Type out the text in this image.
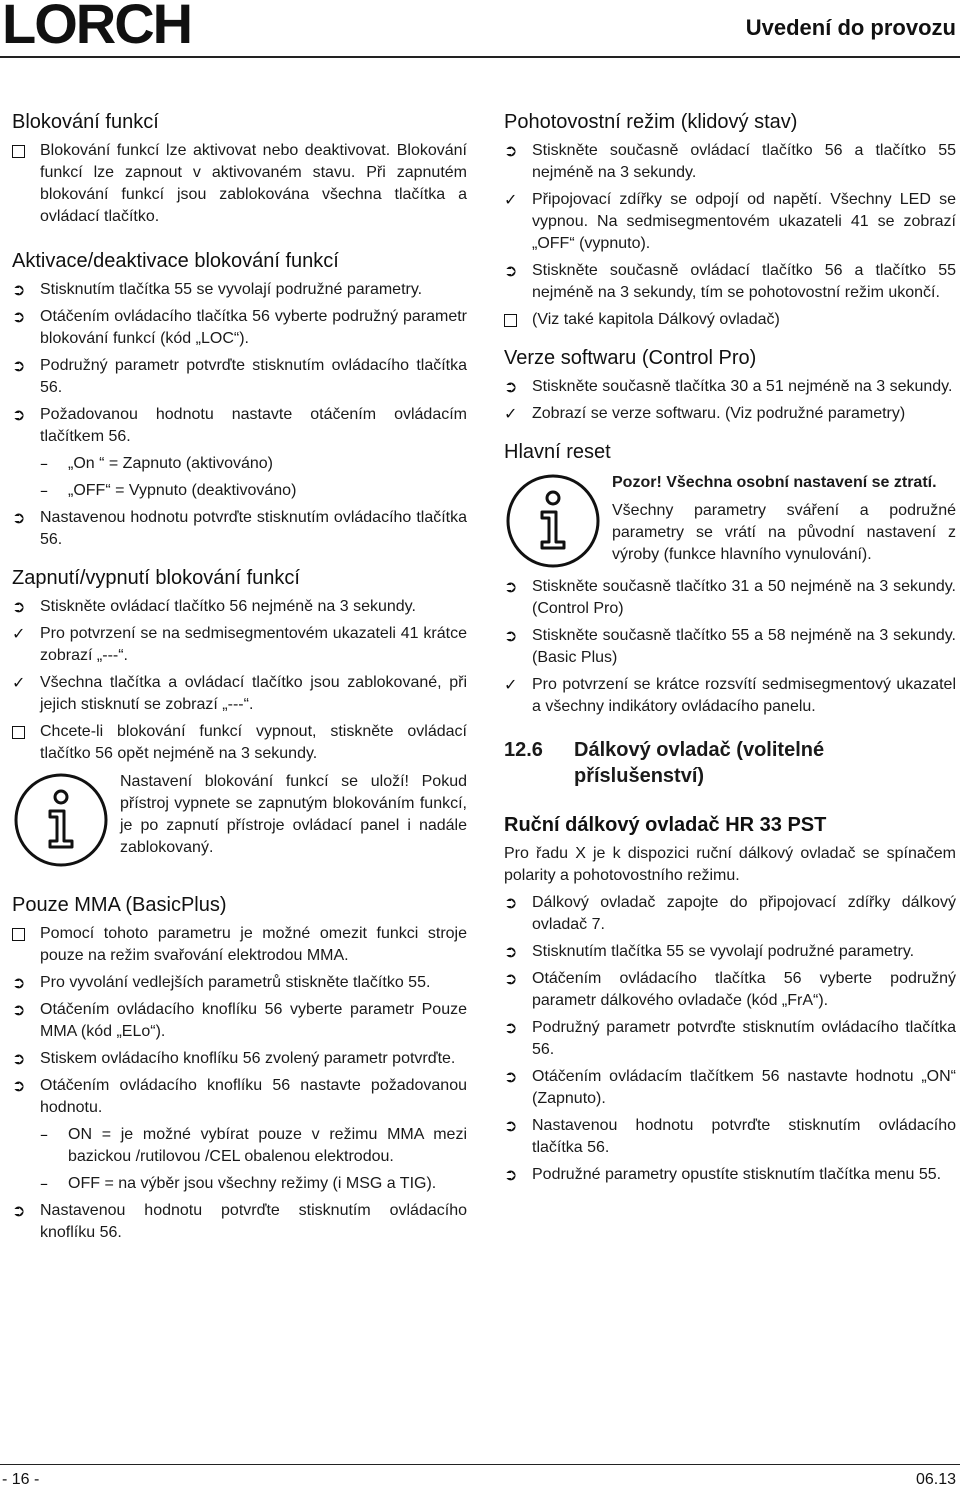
LORCH	Uvedení do provozu
Blokování funkcí
Blokování funkcí lze aktivovat nebo deaktivovat. Blokování funkcí lze zapnout v aktivovaném stavu. Při zapnutém blokování funkcí jsou zablokována všechna tlačítka a ovládací tlačítko.
Aktivace/deaktivace blokování funkcí
➲ Stisknutím tlačítka 55 se vyvolají podružné parametry.
➲ Otáčením ovládacího tlačítka 56 vyberte podružný parametr blokování funkcí (kód „LOC“).
➲ Podružný parametr potvrďte stisknutím ovládacího tlačítka 56.
➲ Požadovanou hodnotu nastavte otáčením ovládacím tlačítkem 56.
–	„On “ = Zapnuto (aktivováno)
–	„OFF“ = Vypnuto (deaktivováno)
➲ Nastavenou hodnotu potvrďte stisknutím ovládacího tlačítka 56.
Zapnutí/vypnutí blokování funkcí
➲ Stiskněte ovládací tlačítko 56 nejméně na 3 sekundy.
✓ Pro potvrzení se na sedmisegmentovém ukazateli 41 krátce zobrazí „---“.
✓ Všechna tlačítka a ovládací tlačítko jsou zablokované, při jejich stisknutí se zobrazí „---“.
Chcete-li blokování funkcí vypnout, stiskněte ovládací tlačítko 56 opět nejméně na 3 sekundy.
Nastavení blokování funkcí se uloží! Pokud přístroj vypnete se zapnutým blokováním funkcí, je po zapnutí přístroje ovládací panel i nadále zablokovaný.
Pouze MMA (BasicPlus)
Pomocí tohoto parametru je možné omezit funkci stroje pouze na režim svařování elektrodou MMA.
➲ Pro vyvolání vedlejších parametrů stiskněte tlačítko 55.
➲ Otáčením ovládacího knoflíku 56 vyberte parametr Pouze MMA (kód „ELo“).
➲ Stiskem ovládacího knoflíku 56 zvolený parametr potvrďte.
➲ Otáčením ovládacího knoflíku 56 nastavte požadovanou hodnotu.
–	ON = je možné vybírat pouze v režimu MMA mezi bazickou /rutilovou /CEL obalenou elektrodou.
–	OFF = na výběr jsou všechny režimy (i MSG a TIG).
➲ Nastavenou hodnotu potvrďte stisknutím ovládacího knoflíku 56.
Pohotovostní režim (klidový stav)
➲ Stiskněte současně ovládací tlačítko 56 a tlačítko 55 nejméně na 3 sekundy.
✓ Připojovací zdířky se odpojí od napětí. Všechny LED se vypnou. Na sedmisegmentovém ukazateli 41 se zobrazí „OFF“ (vypnuto).
➲ Stiskněte současně ovládací tlačítko 56 a tlačítko 55 nejméně na 3 sekundy, tím se pohotovostní režim ukončí.
(Viz také kapitola Dálkový ovladač)
Verze softwaru (Control Pro)
➲ Stiskněte současně tlačítka 30 a 51 nejméně na 3 sekundy.
✓ Zobrazí se verze softwaru. (Viz podružné parametry)
Hlavní reset
Pozor! Všechna osobní nastavení se ztratí.
Všechny parametry sváření a podružné parametry se vrátí na původní nastavení z výroby (funkce hlavního vynulování).
➲ Stiskněte současně tlačítko 31 a 50 nejméně na 3 sekundy. (Control Pro)
➲ Stiskněte současně tlačítko 55 a 58 nejméně na 3 sekundy. (Basic Plus)
✓ Pro potvrzení se krátce rozsvítí sedmisegmentový ukazatel a všechny indikátory ovládacího panelu.
12.6	Dálkový ovladač (volitelné příslušenství)
Ruční dálkový ovladač HR 33 PST
Pro řadu X je k dispozici ruční dálkový ovladač se spínačem polarity a pohotovostního režimu.
➲ Dálkový ovladač zapojte do připojovací zdířky dálkový ovladač 7.
➲ Stisknutím tlačítka 55 se vyvolají podružné parametry.
➲ Otáčením ovládacího tlačítka 56 vyberte podružný parametr dálkového ovladače (kód „FrA“).
➲ Podružný parametr potvrďte stisknutím ovládacího tlačítka 56.
➲ Otáčením ovládacím tlačítkem 56 nastavte hodnotu „ON“ (Zapnuto).
➲ Nastavenou hodnotu potvrďte stisknutím ovládacího tlačítka 56.
➲ Podružné parametry opustíte stisknutím tlačítka menu 55.
- 16 -	06.13
